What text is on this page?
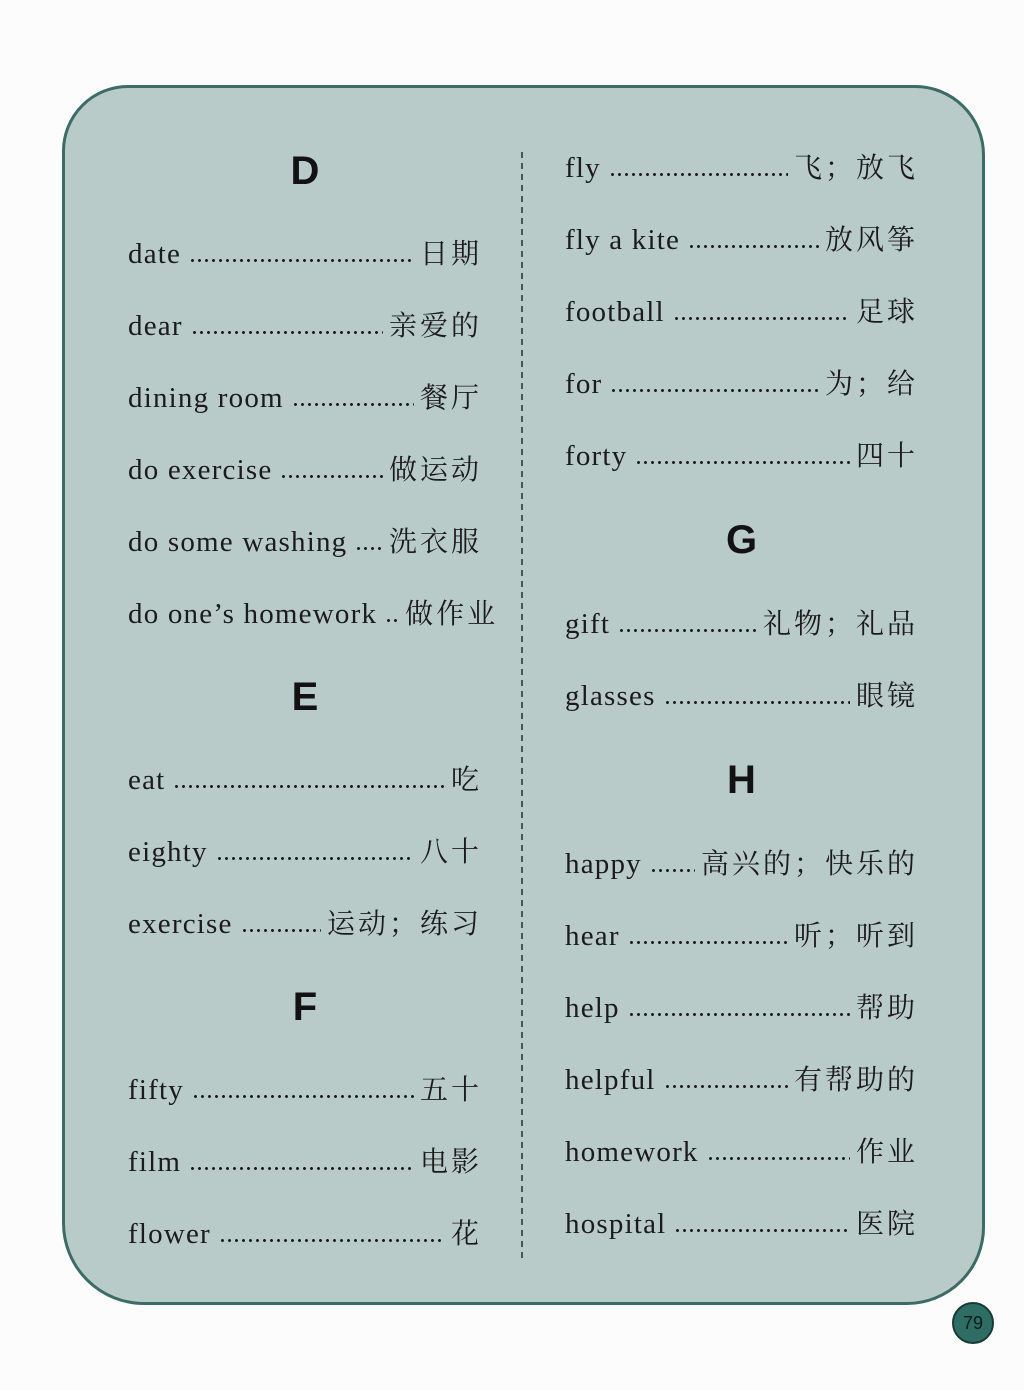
D
date	日期
dear	亲爱的
dining room	餐厅
do exercise	做运动
do some washing 洗衣服
do one’s homework 做作业
E
eat	吃
eighty	八十
exercise	运动；练习
F
fifty	五十
film	电影
flower	花
fly	飞；放飞
fly a kite	放风筝
football	足球
for	为；给
forty	四十
G
gift	礼物；礼品
glasses	眼镜
H
happy 高兴的；快乐的
hear	听；听到
help	帮助
helpful	有帮助的
homework	作业
hospital	医院
79
